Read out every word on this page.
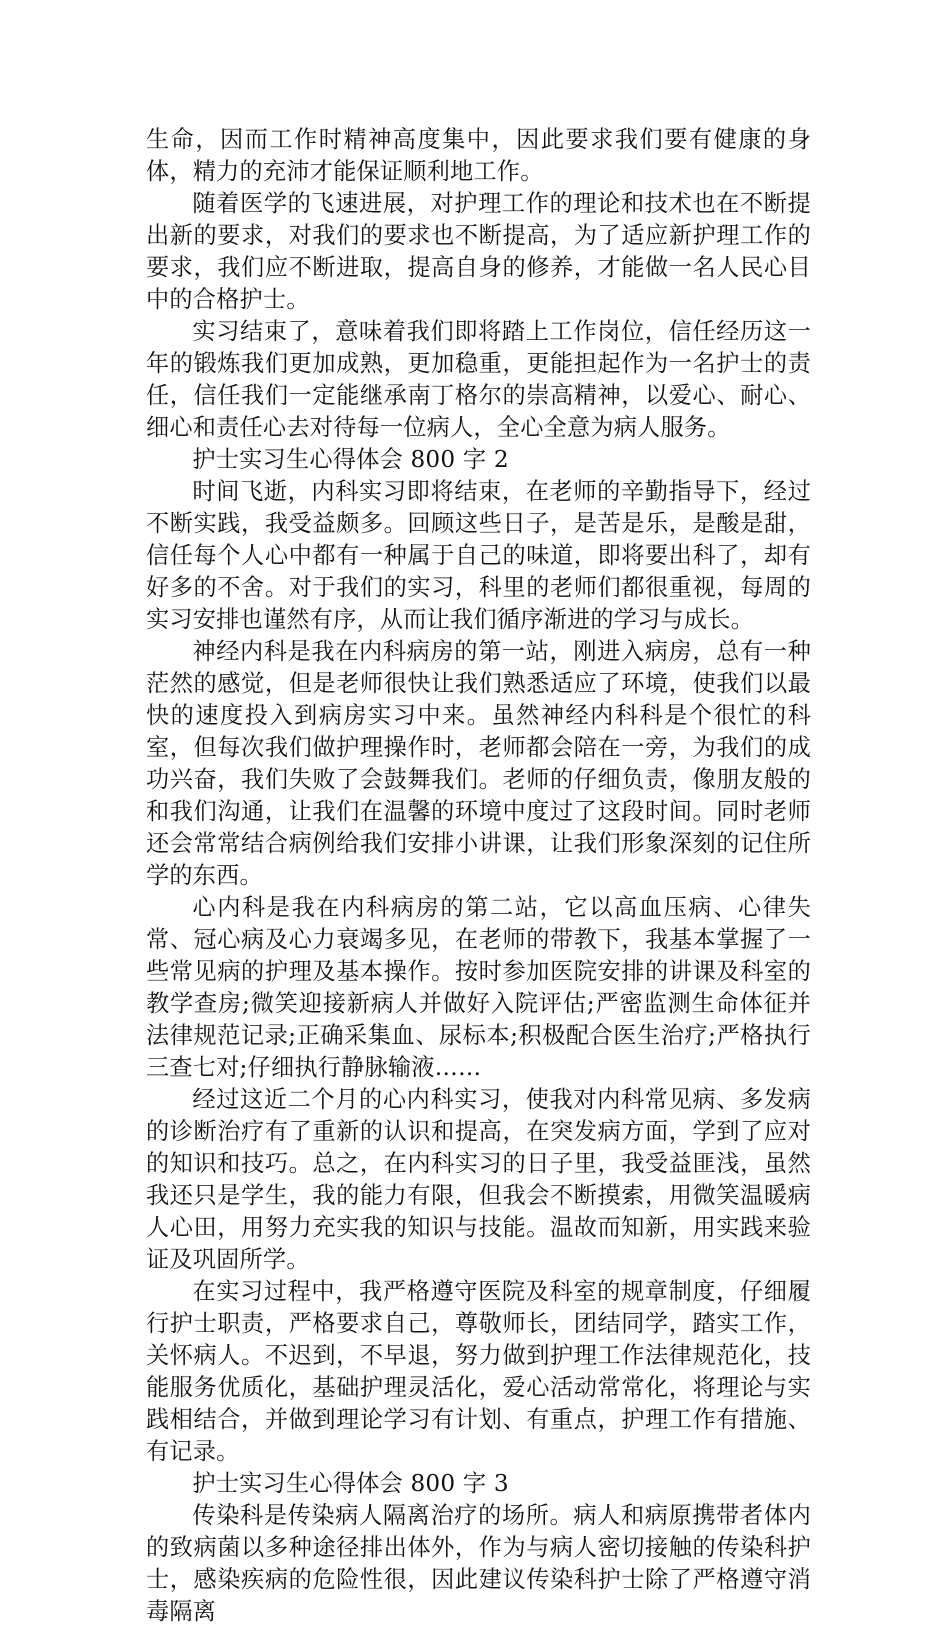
生命，因而工作时精神高度集中，因此要求我们要有健康的身体，精力的充沛才能保证顺利地工作。

随着医学的飞速进展，对护理工作的理论和技术也在不断提出新的要求，对我们的要求也不断提高，为了适应新护理工作的要求，我们应不断进取，提高自身的修养，才能做一名人民心目中的合格护士。

实习结束了，意味着我们即将踏上工作岗位，信任经历这一年的锻炼我们更加成熟，更加稳重，更能担起作为一名护士的责任，信任我们一定能继承南丁格尔的崇高精神，以爱心、耐心、细心和责任心去对待每一位病人，全心全意为病人服务。

护士实习生心得体会 800 字 2

时间飞逝，内科实习即将结束，在老师的辛勤指导下，经过不断实践，我受益颇多。回顾这些日子，是苦是乐，是酸是甜，信任每个人心中都有一种属于自己的味道，即将要出科了，却有好多的不舍。对于我们的实习，科里的老师们都很重视，每周的实习安排也谨然有序，从而让我们循序渐进的学习与成长。

神经内科是我在内科病房的第一站，刚进入病房，总有一种茫然的感觉，但是老师很快让我们熟悉适应了环境，使我们以最快的速度投入到病房实习中来。虽然神经内科科是个很忙的科室，但每次我们做护理操作时，老师都会陪在一旁，为我们的成功兴奋，我们失败了会鼓舞我们。老师的仔细负责，像朋友般的和我们沟通，让我们在温馨的环境中度过了这段时间。同时老师还会常常结合病例给我们安排小讲课，让我们形象深刻的记住所学的东西。

心内科是我在内科病房的第二站，它以高血压病、心律失常、冠心病及心力衰竭多见，在老师的带教下，我基本掌握了一些常见病的护理及基本操作。按时参加医院安排的讲课及科室的教学查房;微笑迎接新病人并做好入院评估;严密监测生命体征并法律规范记录;正确采集血、尿标本;积极配合医生治疗;严格执行三查七对;仔细执行静脉输液……

经过这近二个月的心内科实习，使我对内科常见病、多发病的诊断治疗有了重新的认识和提高，在突发病方面，学到了应对的知识和技巧。总之，在内科实习的日子里，我受益匪浅，虽然我还只是学生，我的能力有限，但我会不断摸索，用微笑温暖病人心田，用努力充实我的知识与技能。温故而知新，用实践来验证及巩固所学。

在实习过程中，我严格遵守医院及科室的规章制度，仔细履行护士职责，严格要求自己，尊敬师长，团结同学，踏实工作，关怀病人。不迟到，不早退，努力做到护理工作法律规范化，技能服务优质化，基础护理灵活化，爱心活动常常化，将理论与实践相结合，并做到理论学习有计划、有重点，护理工作有措施、有记录。

护士实习生心得体会 800 字 3

传染科是传染病人隔离治疗的场所。病人和病原携带者体内的致病菌以多种途径排出体外，作为与病人密切接触的传染科护士，感染疾病的危险性很，因此建议传染科护士除了严格遵守消毒隔离
